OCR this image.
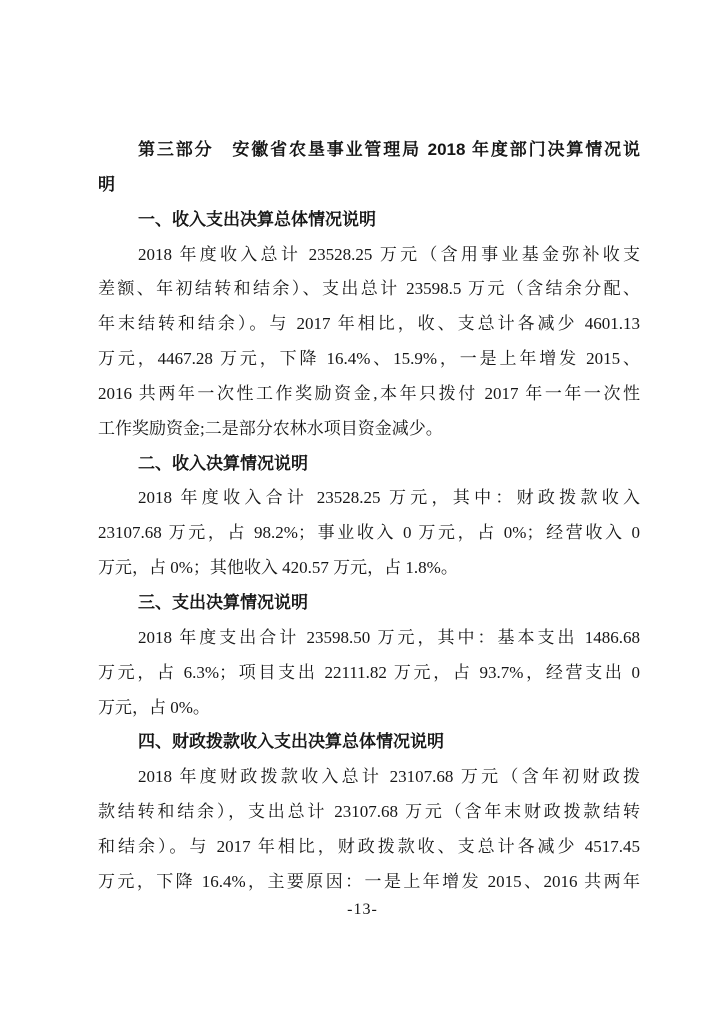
第三部分　安徽省农垦事业管理局 2018 年度部门决算情况说
明
一、收入支出决算总体情况说明
2018 年度收入总计 23528.25 万元（含用事业基金弥补收支
差额、年初结转和结余）、支出总计 23598.5 万元（含结余分配、
年末结转和结余）。与 2017 年相比，收、支总计各减少 4601.13
万元，4467.28 万元，下降 16.4%、15.9%，一是上年增发 2015、
2016 共两年一次性工作奖励资金,本年只拨付 2017 年一年一次性
工作奖励资金;二是部分农林水项目资金减少。
二、收入决算情况说明
2018 年度收入合计 23528.25 万元，其中：财政拨款收入
23107.68 万元，占 98.2%；事业收入 0 万元，占 0%；经营收入 0
万元，占 0%；其他收入 420.57 万元，占 1.8%。
三、支出决算情况说明
2018 年度支出合计 23598.50 万元，其中：基本支出 1486.68
万元，占 6.3%；项目支出 22111.82 万元，占 93.7%，经营支出 0
万元，占 0%。
四、财政拨款收入支出决算总体情况说明
2018 年度财政拨款收入总计 23107.68 万元（含年初财政拨
款结转和结余），支出总计 23107.68 万元（含年末财政拨款结转
和结余）。与 2017 年相比，财政拨款收、支总计各减少 4517.45
万元，下降 16.4%，主要原因：一是上年增发 2015、2016 共两年
-13-
